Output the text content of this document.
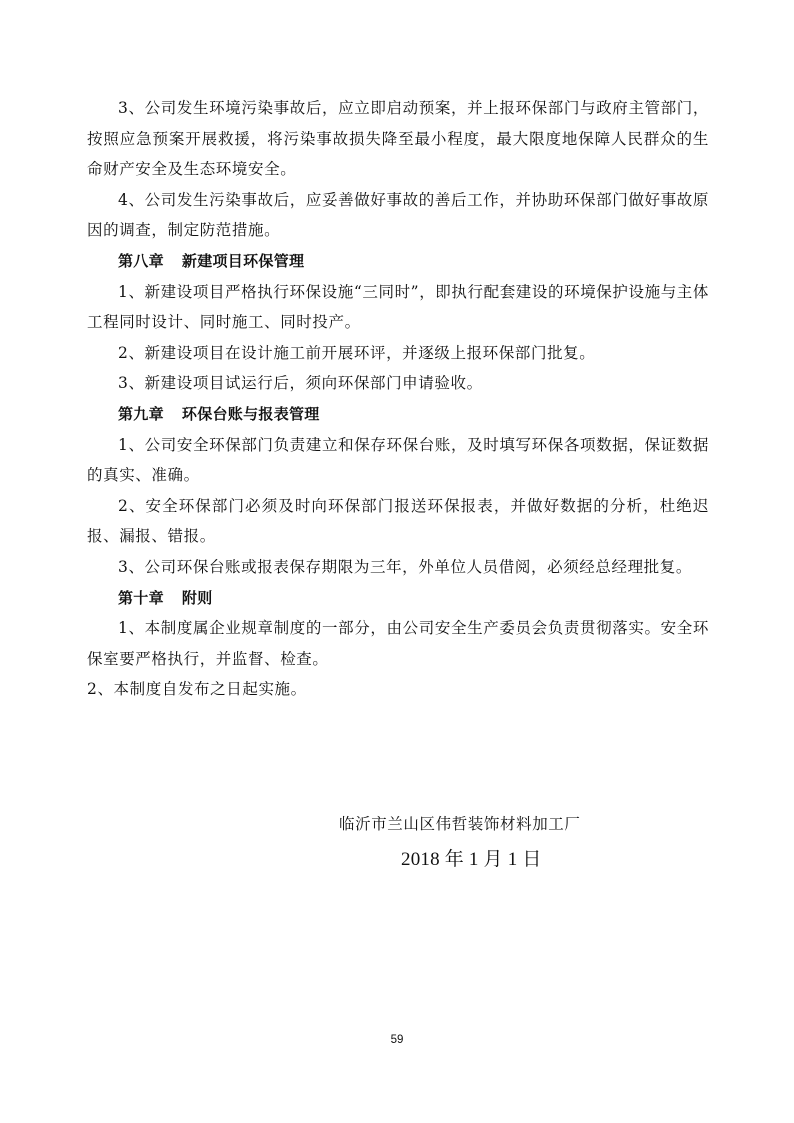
3、公司发生环境污染事故后，应立即启动预案，并上报环保部门与政府主管部门，按照应急预案开展救援，将污染事故损失降至最小程度，最大限度地保障人民群众的生命财产安全及生态环境安全。

4、公司发生污染事故后，应妥善做好事故的善后工作，并协助环保部门做好事故原因的调查，制定防范措施。

第八章 新建项目环保管理

1、新建设项目严格执行环保设施“三同时”，即执行配套建设的环境保护设施与主体工程同时设计、同时施工、同时投产。

2、新建设项目在设计施工前开展环评，并逐级上报环保部门批复。

3、新建设项目试运行后，须向环保部门申请验收。

第九章 环保台账与报表管理

1、公司安全环保部门负责建立和保存环保台账，及时填写环保各项数据，保证数据的真实、准确。

2、安全环保部门必须及时向环保部门报送环保报表，并做好数据的分析，杜绝迟报、漏报、错报。

3、公司环保台账或报表保存期限为三年，外单位人员借阅，必须经总经理批复。

第十章 附则

1、本制度属企业规章制度的一部分，由公司安全生产委员会负责贯彻落实。安全环保室要严格执行，并监督、检查。

2、本制度自发布之日起实施。

临沂市兰山区伟哲装饰材料加工厂
2018 年 1 月 1 日
59
